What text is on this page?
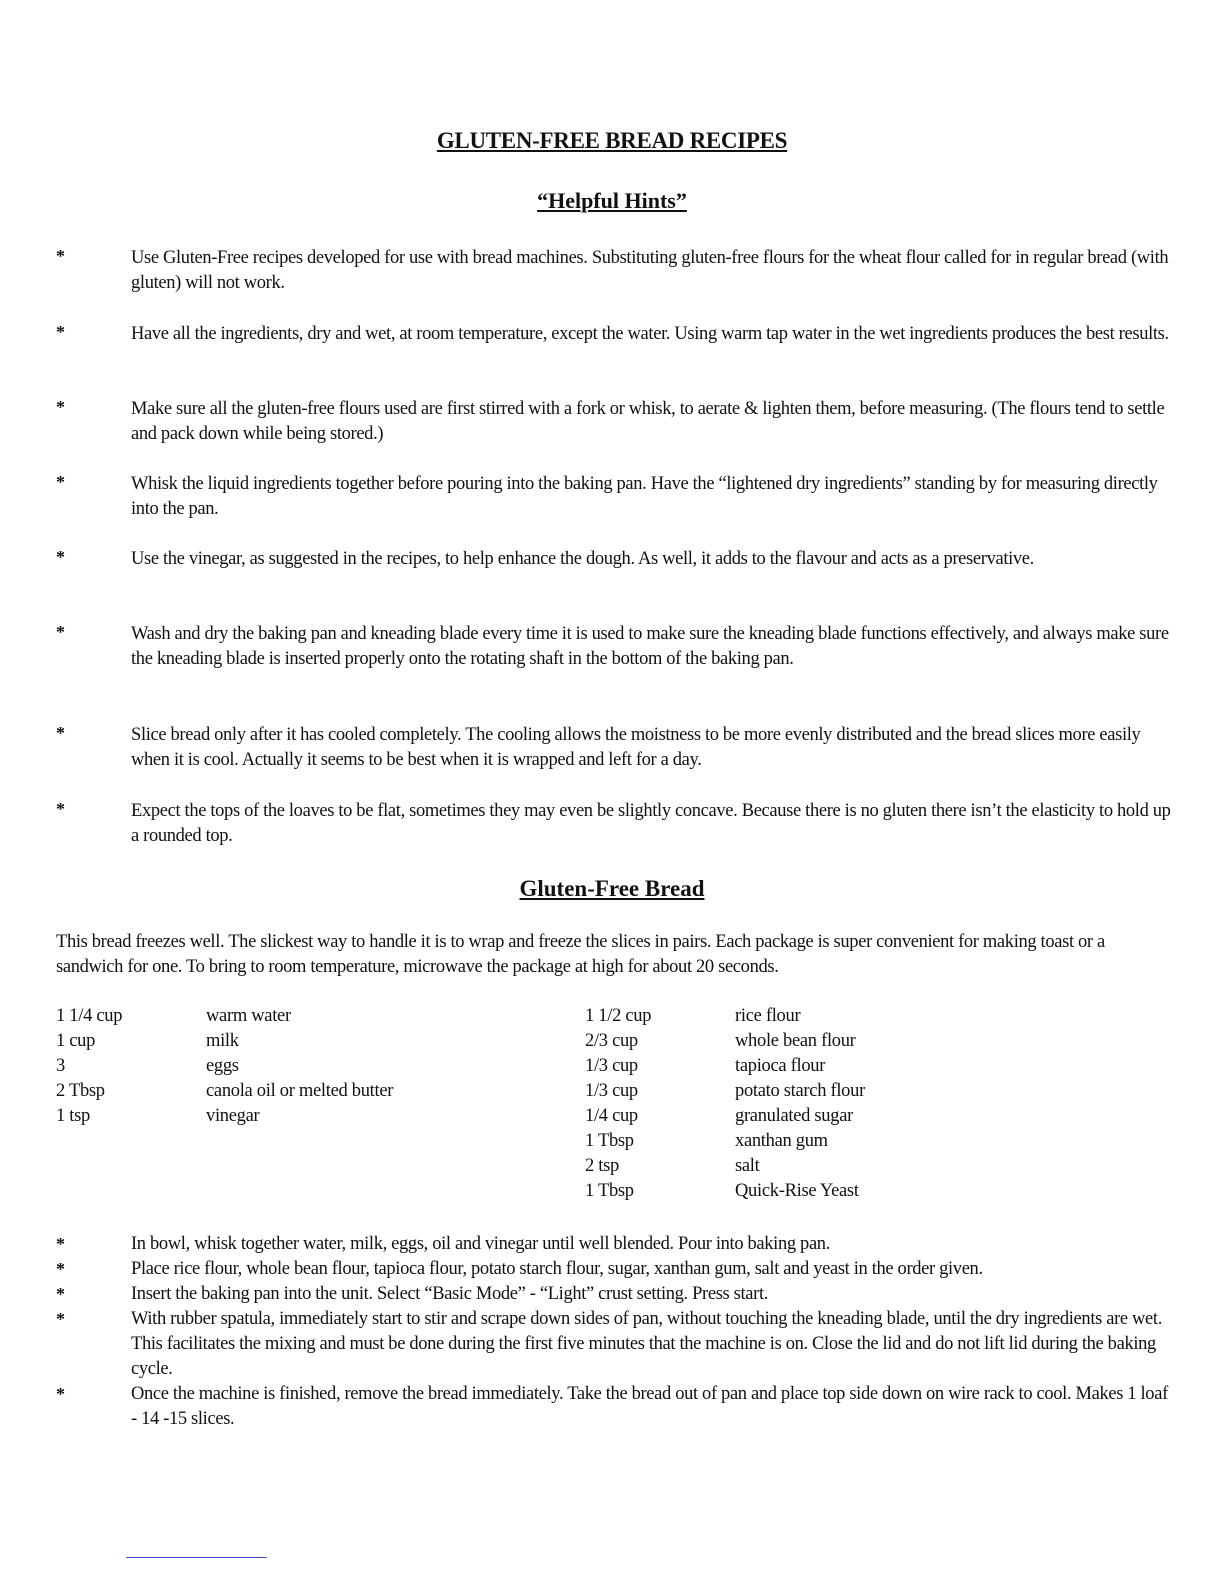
GLUTEN-FREE BREAD RECIPES
“Helpful Hints”
*	Use Gluten-Free recipes developed for use with bread machines. Substituting gluten-free flours for the wheat flour called for in regular bread (with gluten) will not work.
*	Have all the ingredients, dry and wet, at room temperature, except the water. Using warm tap water in the wet ingredients produces the best results.
*	Make sure all the gluten-free flours used are first stirred with a fork or whisk, to aerate & lighten them, before measuring. (The flours tend to settle and pack down while being stored.)
*	Whisk the liquid ingredients together before pouring into the baking pan. Have the “lightened dry ingredients” standing by for measuring directly into the pan.
*	Use the vinegar, as suggested in the recipes, to help enhance the dough. As well, it adds to the flavour and acts as a preservative.
*	Wash and dry the baking pan and kneading blade every time it is used to make sure the kneading blade functions effectively, and always make sure the kneading blade is inserted properly onto the rotating shaft in the bottom of the baking pan.
*	Slice bread only after it has cooled completely. The cooling allows the moistness to be more evenly distributed and the bread slices more easily when it is cool. Actually it seems to be best when it is wrapped and left for a day.
*	Expect the tops of the loaves to be flat, sometimes they may even be slightly concave. Because there is no gluten there isn’t the elasticity to hold up a rounded top.
Gluten-Free Bread
This bread freezes well. The slickest way to handle it is to wrap and freeze the slices in pairs. Each package is super convenient for making toast or a sandwich for one. To bring to room temperature, microwave the package at high for about 20 seconds.
1 1/4 cup	warm water
1 cup	milk
3	eggs
2 Tbsp	canola oil or melted butter
1 tsp	vinegar
1 1/2 cup	rice flour
2/3 cup	whole bean flour
1/3 cup	tapioca flour
1/3 cup	potato starch flour
1/4 cup	granulated sugar
1 Tbsp	xanthan gum
2 tsp	salt
1 Tbsp	Quick-Rise Yeast
*	In bowl, whisk together water, milk, eggs, oil and vinegar until well blended. Pour into baking pan.
*	Place rice flour, whole bean flour, tapioca flour, potato starch flour, sugar, xanthan gum, salt and yeast in the order given.
*	Insert the baking pan into the unit. Select “Basic Mode” - “Light” crust setting. Press start.
*	With rubber spatula, immediately start to stir and scrape down sides of pan, without touching the kneading blade, until the dry ingredients are wet. This facilitates the mixing and must be done during the first five minutes that the machine is on. Close the lid and do not lift lid during the baking cycle.
*	Once the machine is finished, remove the bread immediately. Take the bread out of pan and place top side down on wire rack to cool. Makes 1 loaf - 14 -15 slices.
